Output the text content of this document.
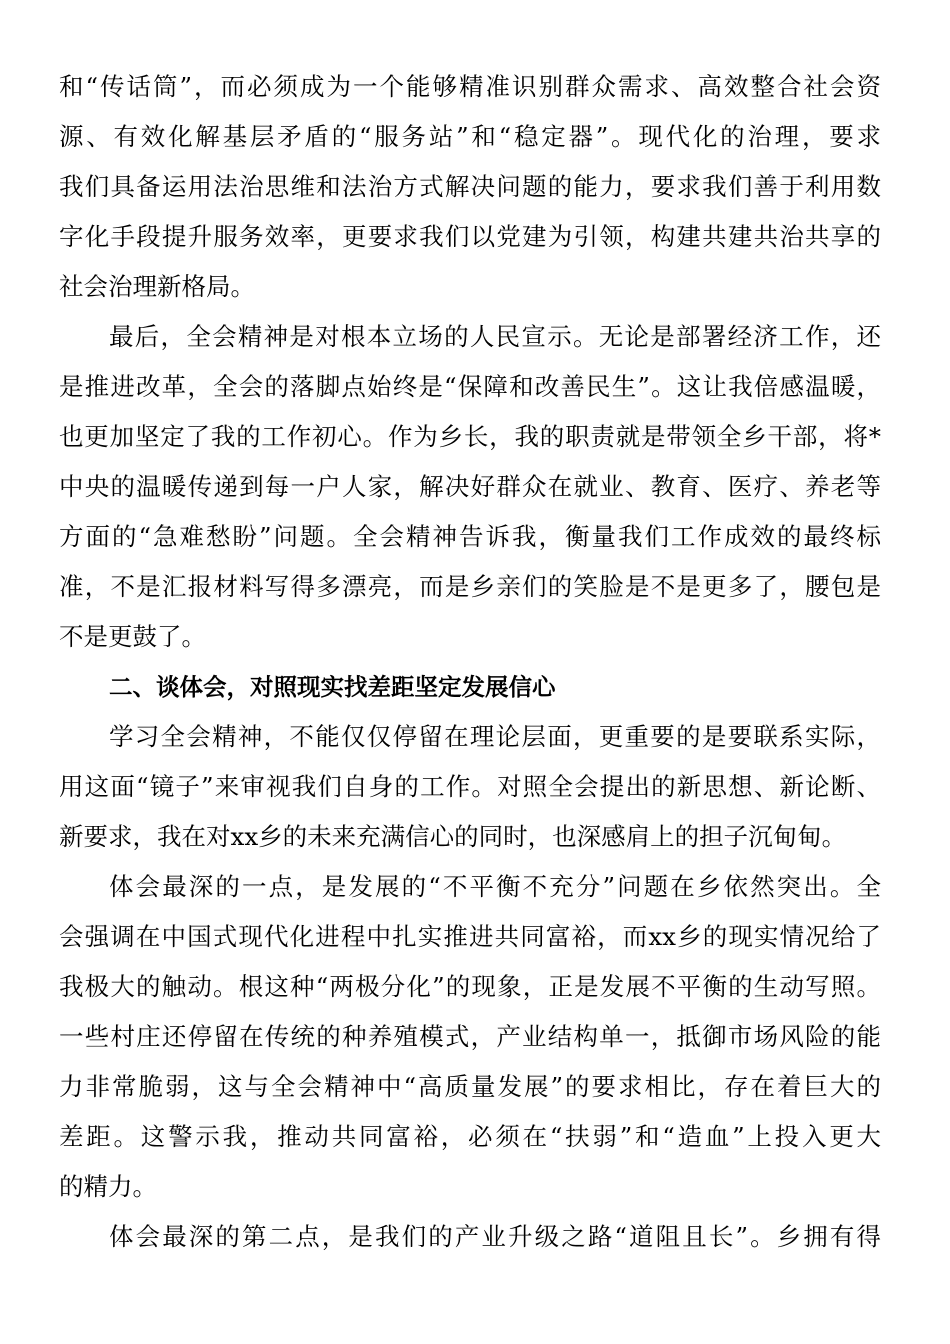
和“传话筒”，而必须成为一个能够精准识别群众需求、高效整合社会资
源、有效化解基层矛盾的“服务站”和“稳定器”。现代化的治理，要求
我们具备运用法治思维和法治方式解决问题的能力，要求我们善于利用数
字化手段提升服务效率，更要求我们以党建为引领，构建共建共治共享的
社会治理新格局。
最后，全会精神是对根本立场的人民宣示。无论是部署经济工作，还
是推进改革，全会的落脚点始终是“保障和改善民生”。这让我倍感温暖，
也更加坚定了我的工作初心。作为乡长，我的职责就是带领全乡干部，将*
中央的温暖传递到每一户人家，解决好群众在就业、教育、医疗、养老等
方面的“急难愁盼”问题。全会精神告诉我，衡量我们工作成效的最终标
准，不是汇报材料写得多漂亮，而是乡亲们的笑脸是不是更多了，腰包是
不是更鼓了。
二、谈体会，对照现实找差距坚定发展信心
学习全会精神，不能仅仅停留在理论层面，更重要的是要联系实际，
用这面“镜子”来审视我们自身的工作。对照全会提出的新思想、新论断、
新要求，我在对xx乡的未来充满信心的同时，也深感肩上的担子沉甸甸。
体会最深的一点，是发展的“不平衡不充分”问题在乡依然突出。全
会强调在中国式现代化进程中扎实推进共同富裕，而xx乡的现实情况给了
我极大的触动。根这种“两极分化”的现象，正是发展不平衡的生动写照。
一些村庄还停留在传统的种养殖模式，产业结构单一，抵御市场风险的能
力非常脆弱，这与全会精神中“高质量发展”的要求相比，存在着巨大的
差距。这警示我，推动共同富裕，必须在“扶弱”和“造血”上投入更大
的精力。
体会最深的第二点，是我们的产业升级之路“道阻且长”。乡拥有得
